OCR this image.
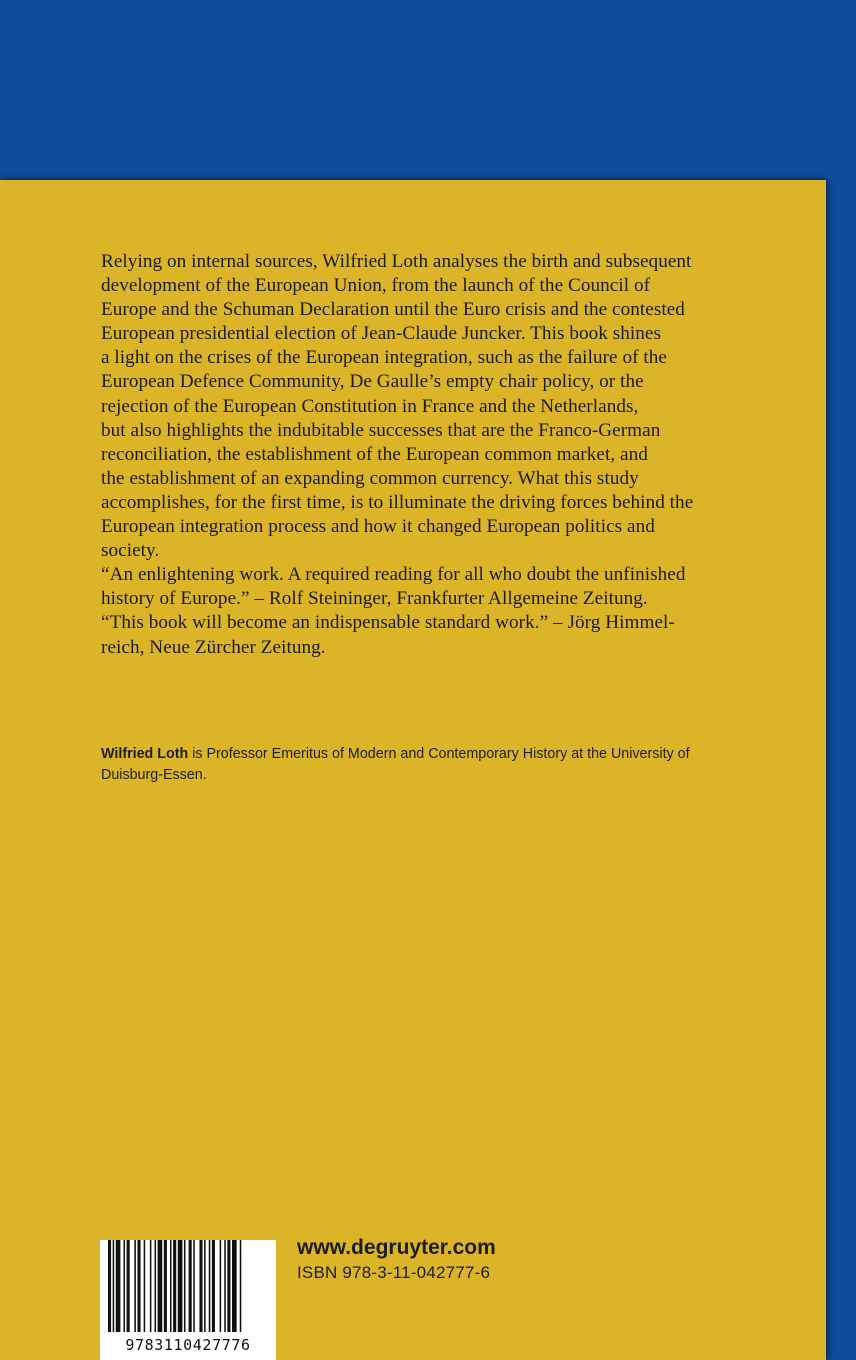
Relying on internal sources, Wilfried Loth analyses the birth and subsequent

development of the European Union, from the launch of the Council of

Europe and the Schuman Declaration until the Euro crisis and the contested

European presidential election of Jean-Claude Juncker. This book shines

a light on the crises of the European integration, such as the failure of the

European Defence Community, De Gaulle’s empty chair policy, or the

rejection of the European Constitution in France and the Netherlands,

but also highlights the indubitable successes that are the Franco-German

reconciliation, the establishment of the European common market, and

the establishment of an expanding common currency. What this study

accomplishes, for the first time, is to illuminate the driving forces behind the

European integration process and how it changed European politics and

society.

“An enlightening work. A required reading for all who doubt the unfinished

history of Europe.” – Rolf Steininger, Frankfurter Allgemeine Zeitung.

“This book will become an indispensable standard work.” – Jörg Himmel-

reich, Neue Zürcher Zeitung.

Wilfried Loth is Professor Emeritus of Modern and Contemporary History at the University of
Duisburg-Essen.
9783110427776
www.degruyter.com
ISBN 978-3-11-042777-6
